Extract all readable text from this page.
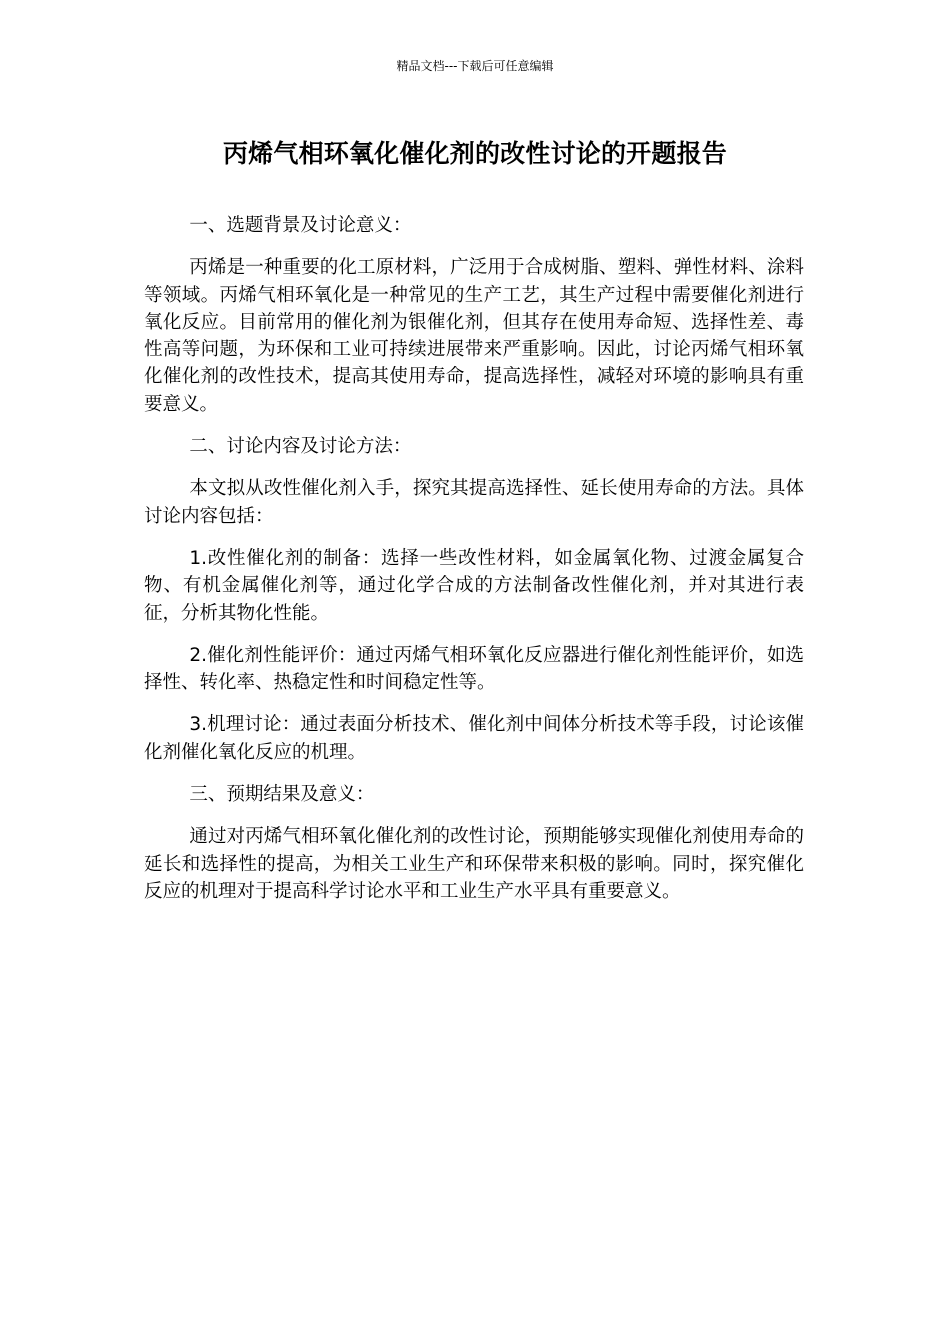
精品文档---下载后可任意编辑
丙烯气相环氧化催化剂的改性讨论的开题报告

一、选题背景及讨论意义：

丙烯是一种重要的化工原材料，广泛用于合成树脂、塑料、弹性材料、涂料等领域。丙烯气相环氧化是一种常见的生产工艺，其生产过程中需要催化剂进行氧化反应。目前常用的催化剂为银催化剂，但其存在使用寿命短、选择性差、毒性高等问题，为环保和工业可持续进展带来严重影响。因此，讨论丙烯气相环氧化催化剂的改性技术，提高其使用寿命，提高选择性，减轻对环境的影响具有重要意义。

二、讨论内容及讨论方法：

本文拟从改性催化剂入手，探究其提高选择性、延长使用寿命的方法。具体讨论内容包括：

1.改性催化剂的制备：选择一些改性材料，如金属氧化物、过渡金属复合物、有机金属催化剂等，通过化学合成的方法制备改性催化剂，并对其进行表征，分析其物化性能。

2.催化剂性能评价：通过丙烯气相环氧化反应器进行催化剂性能评价，如选择性、转化率、热稳定性和时间稳定性等。

3.机理讨论：通过表面分析技术、催化剂中间体分析技术等手段，讨论该催化剂催化氧化反应的机理。

三、预期结果及意义：

通过对丙烯气相环氧化催化剂的改性讨论，预期能够实现催化剂使用寿命的延长和选择性的提高，为相关工业生产和环保带来积极的影响。同时，探究催化反应的机理对于提高科学讨论水平和工业生产水平具有重要意义。
